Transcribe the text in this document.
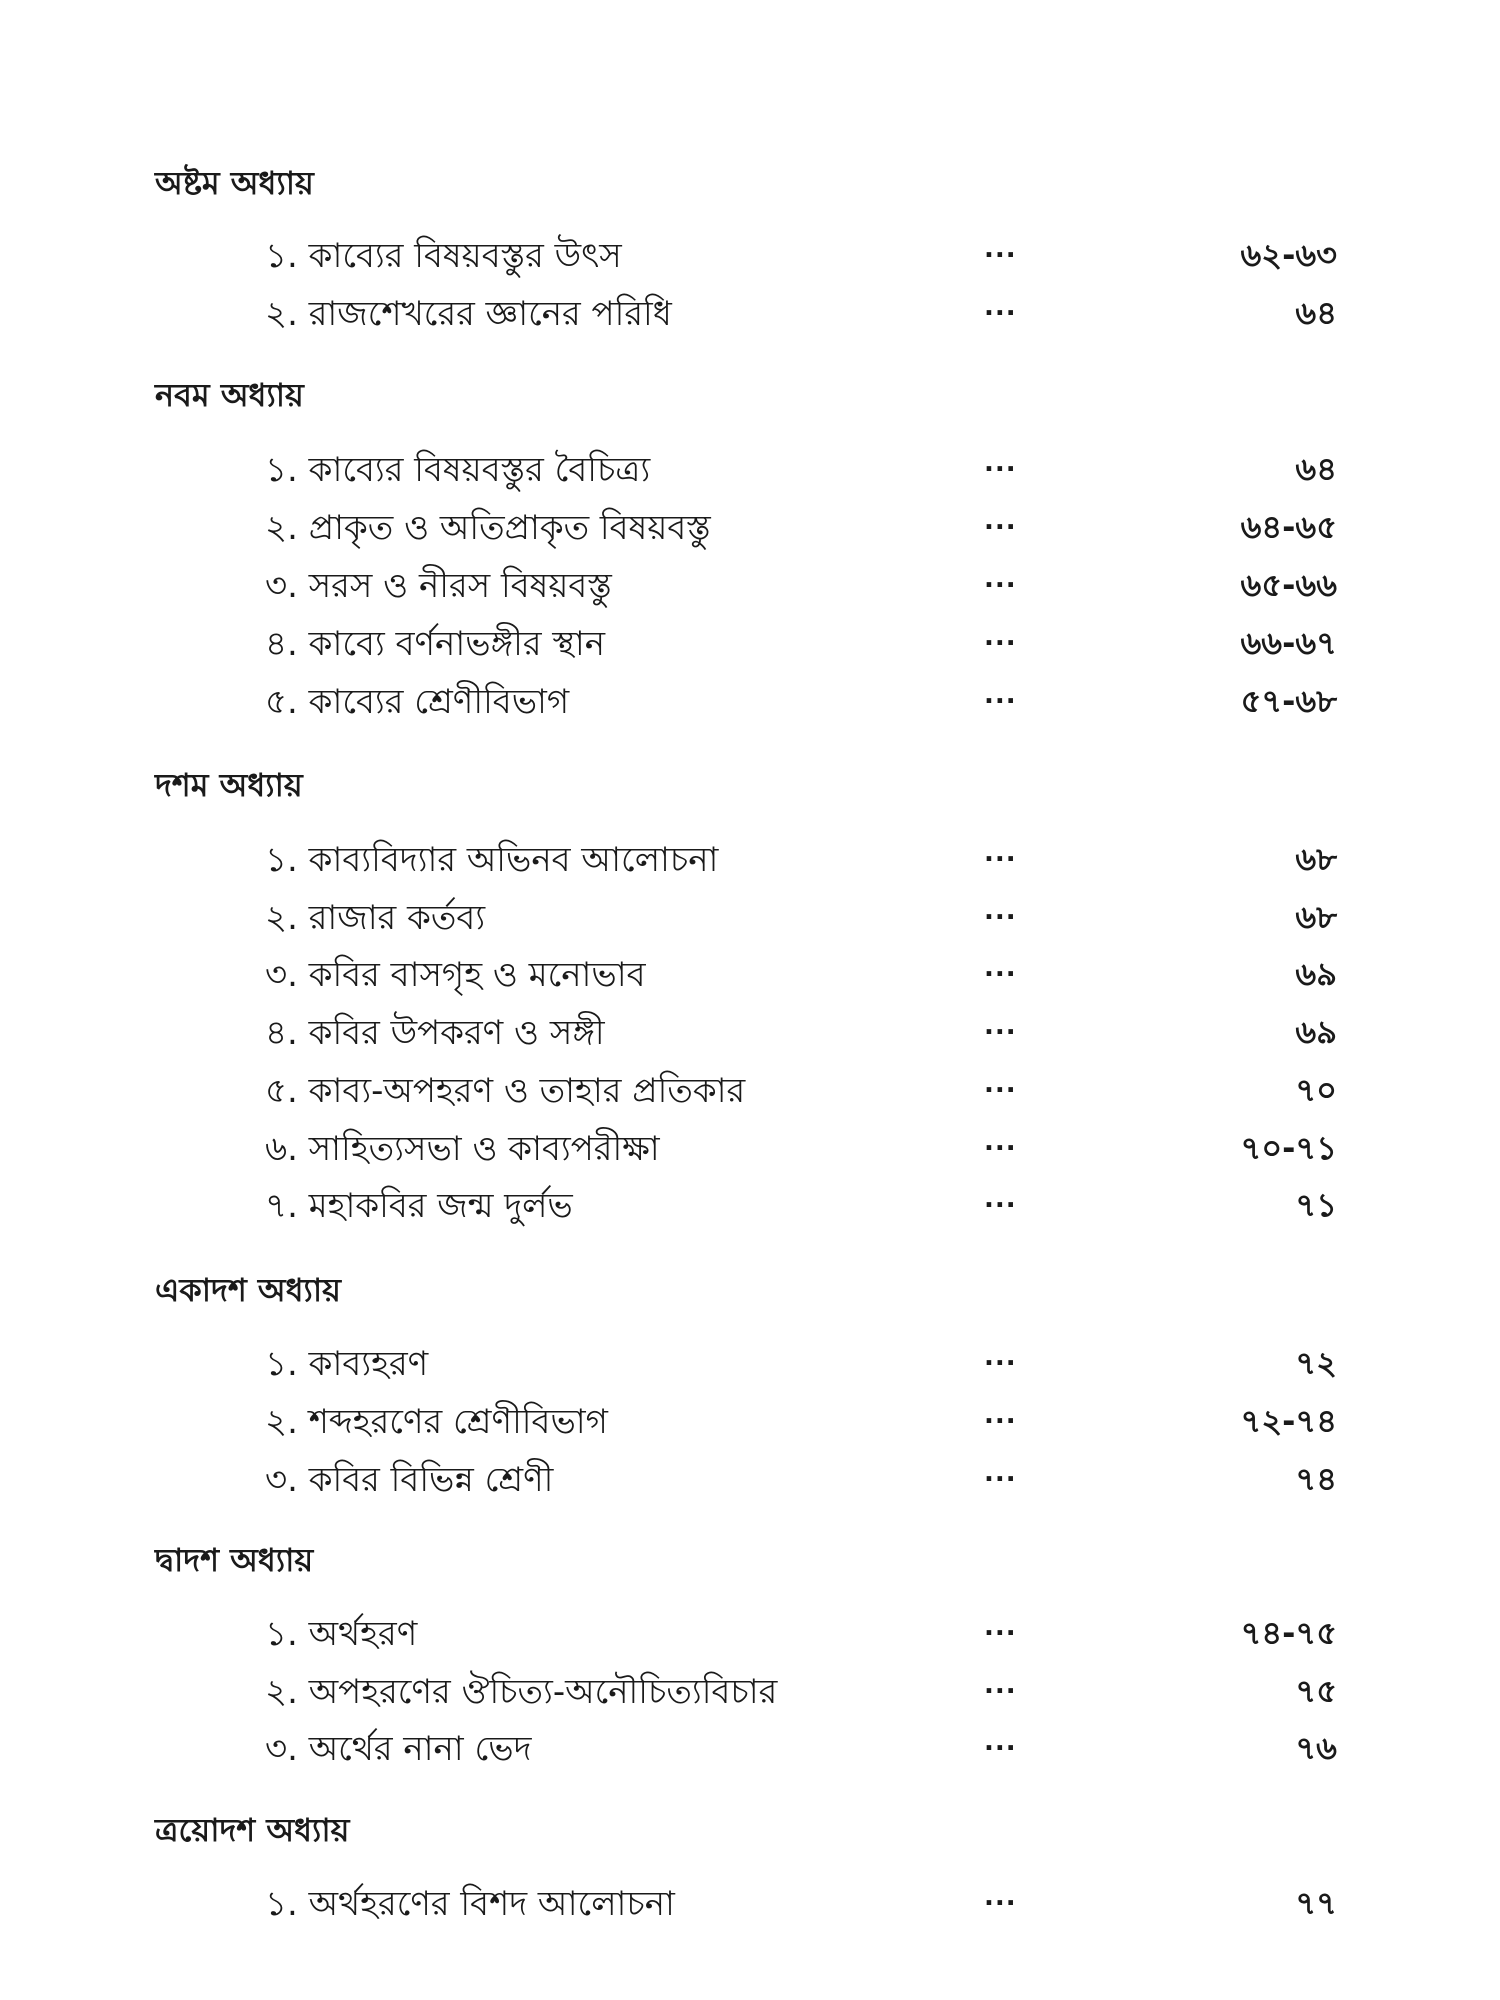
অষ্টম অধ্যায়
১. কাব্যের বিষয়বস্তুর উৎস	...	৬২-৬৩
২. রাজশেখরের জ্ঞানের পরিধি	...	৬৪
নবম অধ্যায়
১. কাব্যের বিষয়বস্তুর বৈচিত্র্য	...	৬৪
২. প্রাকৃত ও অতিপ্রাকৃত বিষয়বস্তু	...	৬৪-৬৫
৩. সরস ও নীরস বিষয়বস্তু	...	৬৫-৬৬
৪. কাব্যে বর্ণনাভঙ্গীর স্থান	...	৬৬-৬৭
৫. কাব্যের শ্রেণীবিভাগ	...	৫৭-৬৮
দশম অধ্যায়
১. কাব্যবিদ্যার অভিনব আলোচনা	...	৬৮
২. রাজার কর্তব্য	...	৬৮
৩. কবির বাসগৃহ ও মনোভাব	...	৬৯
৪. কবির উপকরণ ও সঙ্গী	...	৬৯
৫. কাব্য-অপহরণ ও তাহার প্রতিকার	...	৭০
৬. সাহিত্যসভা ও কাব্যপরীক্ষা	...	৭০-৭১
৭. মহাকবির জন্ম দুর্লভ	...	৭১
একাদশ অধ্যায়
১. কাব্যহরণ	...	৭২
২. শব্দহরণের শ্রেণীবিভাগ	...	৭২-৭৪
৩. কবির বিভিন্ন শ্রেণী	...	৭৪
দ্বাদশ অধ্যায়
১. অর্থহরণ	...	৭৪-৭৫
২. অপহরণের ঔচিত্য-অনৌচিত্যবিচার	...	৭৫
৩. অর্থের নানা ভেদ	...	৭৬
ত্রয়োদশ অধ্যায়
১. অর্থহরণের বিশদ আলোচনা	...	৭৭
